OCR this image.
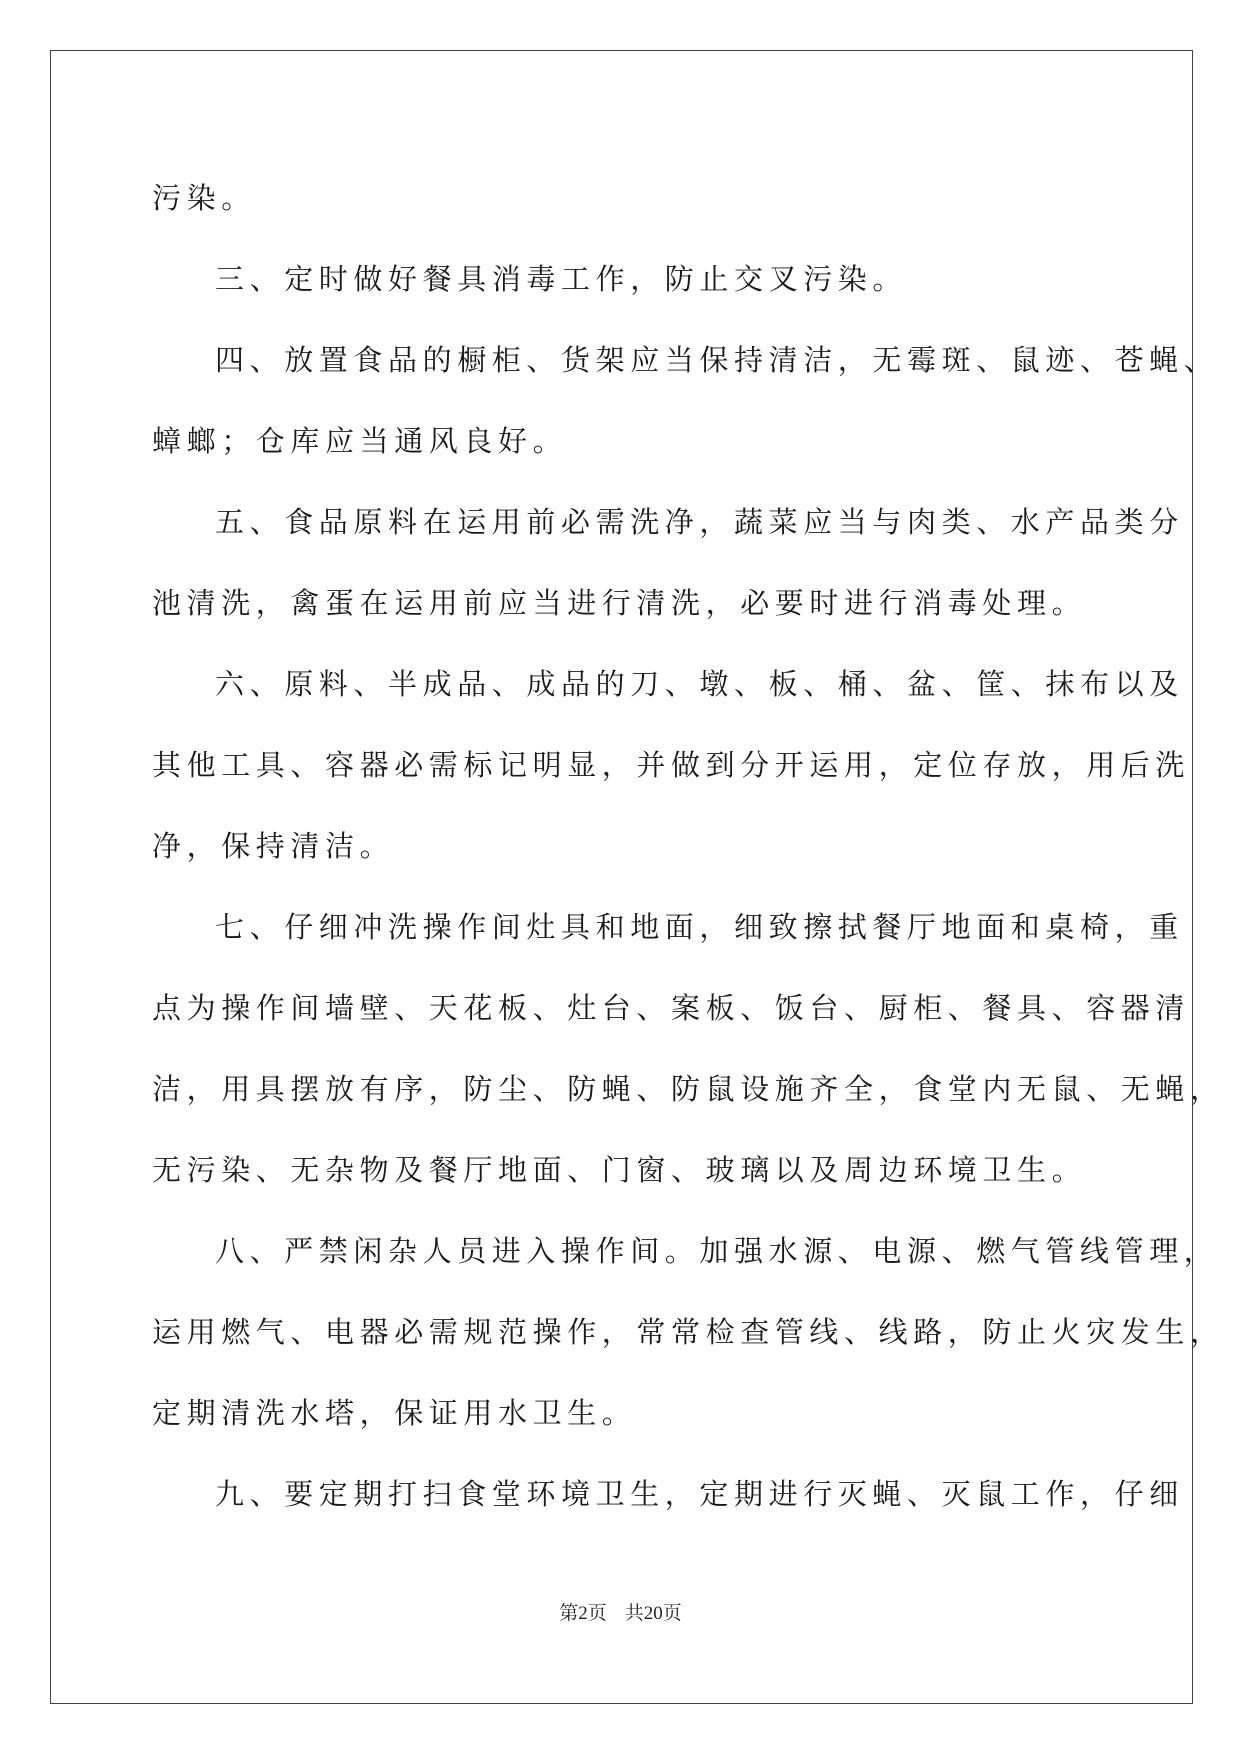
污染。
三、定时做好餐具消毒工作，防止交叉污染。
四、放置食品的橱柜、货架应当保持清洁，无霉斑、鼠迹、苍蝇、
蟑螂；仓库应当通风良好。
五、食品原料在运用前必需洗净，蔬菜应当与肉类、水产品类分
池清洗，禽蛋在运用前应当进行清洗，必要时进行消毒处理。
六、原料、半成品、成品的刀、墩、板、桶、盆、筐、抹布以及
其他工具、容器必需标记明显，并做到分开运用，定位存放，用后洗
净，保持清洁。
七、仔细冲洗操作间灶具和地面，细致擦拭餐厅地面和桌椅，重
点为操作间墙壁、天花板、灶台、案板、饭台、厨柜、餐具、容器清
洁，用具摆放有序，防尘、防蝇、防鼠设施齐全，食堂内无鼠、无蝇，
无污染、无杂物及餐厅地面、门窗、玻璃以及周边环境卫生。
八、严禁闲杂人员进入操作间。加强水源、电源、燃气管线管理，
运用燃气、电器必需规范操作，常常检查管线、线路，防止火灾发生，
定期清洗水塔，保证用水卫生。
九、要定期打扫食堂环境卫生，定期进行灭蝇、灭鼠工作，仔细
第2页 共20页
